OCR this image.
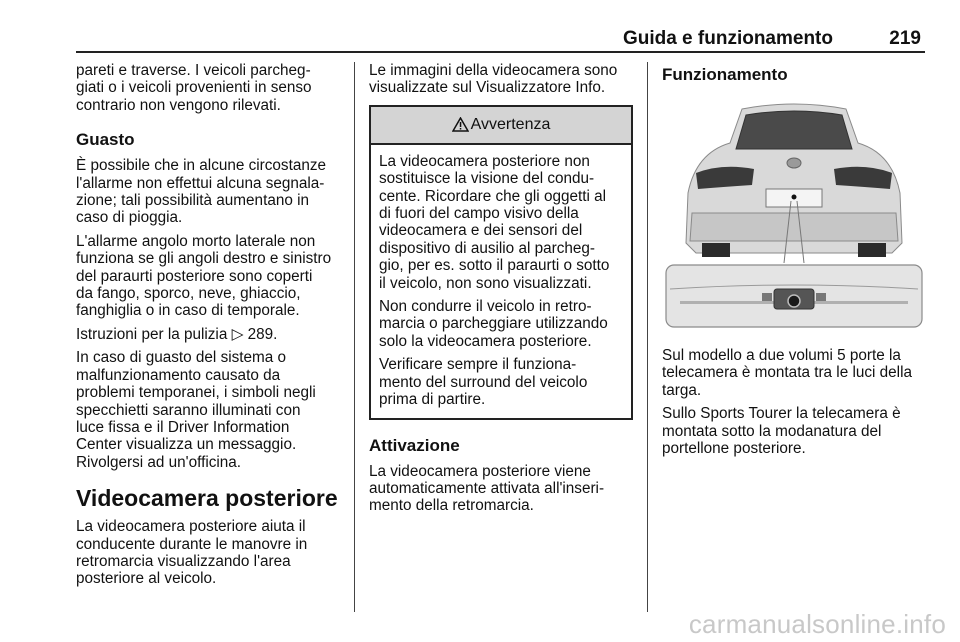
Guida e funzionamento	219

pareti e traverse. I veicoli parcheg-
giati o i veicoli provenienti in senso
contrario non vengono rilevati.

Guasto

È possibile che in alcune circostanze
l'allarme non effettui alcuna segnala-
zione; tali possibilità aumentano in
caso di pioggia.

L'allarme angolo morto laterale non
funziona se gli angoli destro e sinistro
del paraurti posteriore sono coperti
da fango, sporco, neve, ghiaccio,
fanghiglia o in caso di temporale.

Istruzioni per la pulizia ▷ 289.

In caso di guasto del sistema o
malfunzionamento causato da
problemi temporanei, i simboli negli
specchietti saranno illuminati con
luce fissa e il Driver Information
Center visualizza un messaggio.
Rivolgersi ad un'officina.

Videocamera posteriore

La videocamera posteriore aiuta il
conducente durante le manovre in
retromarcia visualizzando l'area
posteriore al veicolo.

Le immagini della videocamera sono
visualizzate sul Visualizzatore Info.

Avvertenza

La videocamera posteriore non
sostituisce la visione del condu-
cente. Ricordare che gli oggetti al
di fuori del campo visivo della
videocamera e dei sensori del
dispositivo di ausilio al parcheg-
gio, per es. sotto il paraurti o sotto
il veicolo, non sono visualizzati.

Non condurre il veicolo in retro-
marcia o parcheggiare utilizzando
solo la videocamera posteriore.

Verificare sempre il funziona-
mento del surround del veicolo
prima di partire.

Attivazione

La videocamera posteriore viene
automaticamente attivata all'inseri-
mento della retromarcia.

Funzionamento

Sul modello a due volumi 5 porte la
telecamera è montata tra le luci della
targa.

Sullo Sports Tourer la telecamera è
montata sotto la modanatura del
portellone posteriore.

carmanualsonline.info
